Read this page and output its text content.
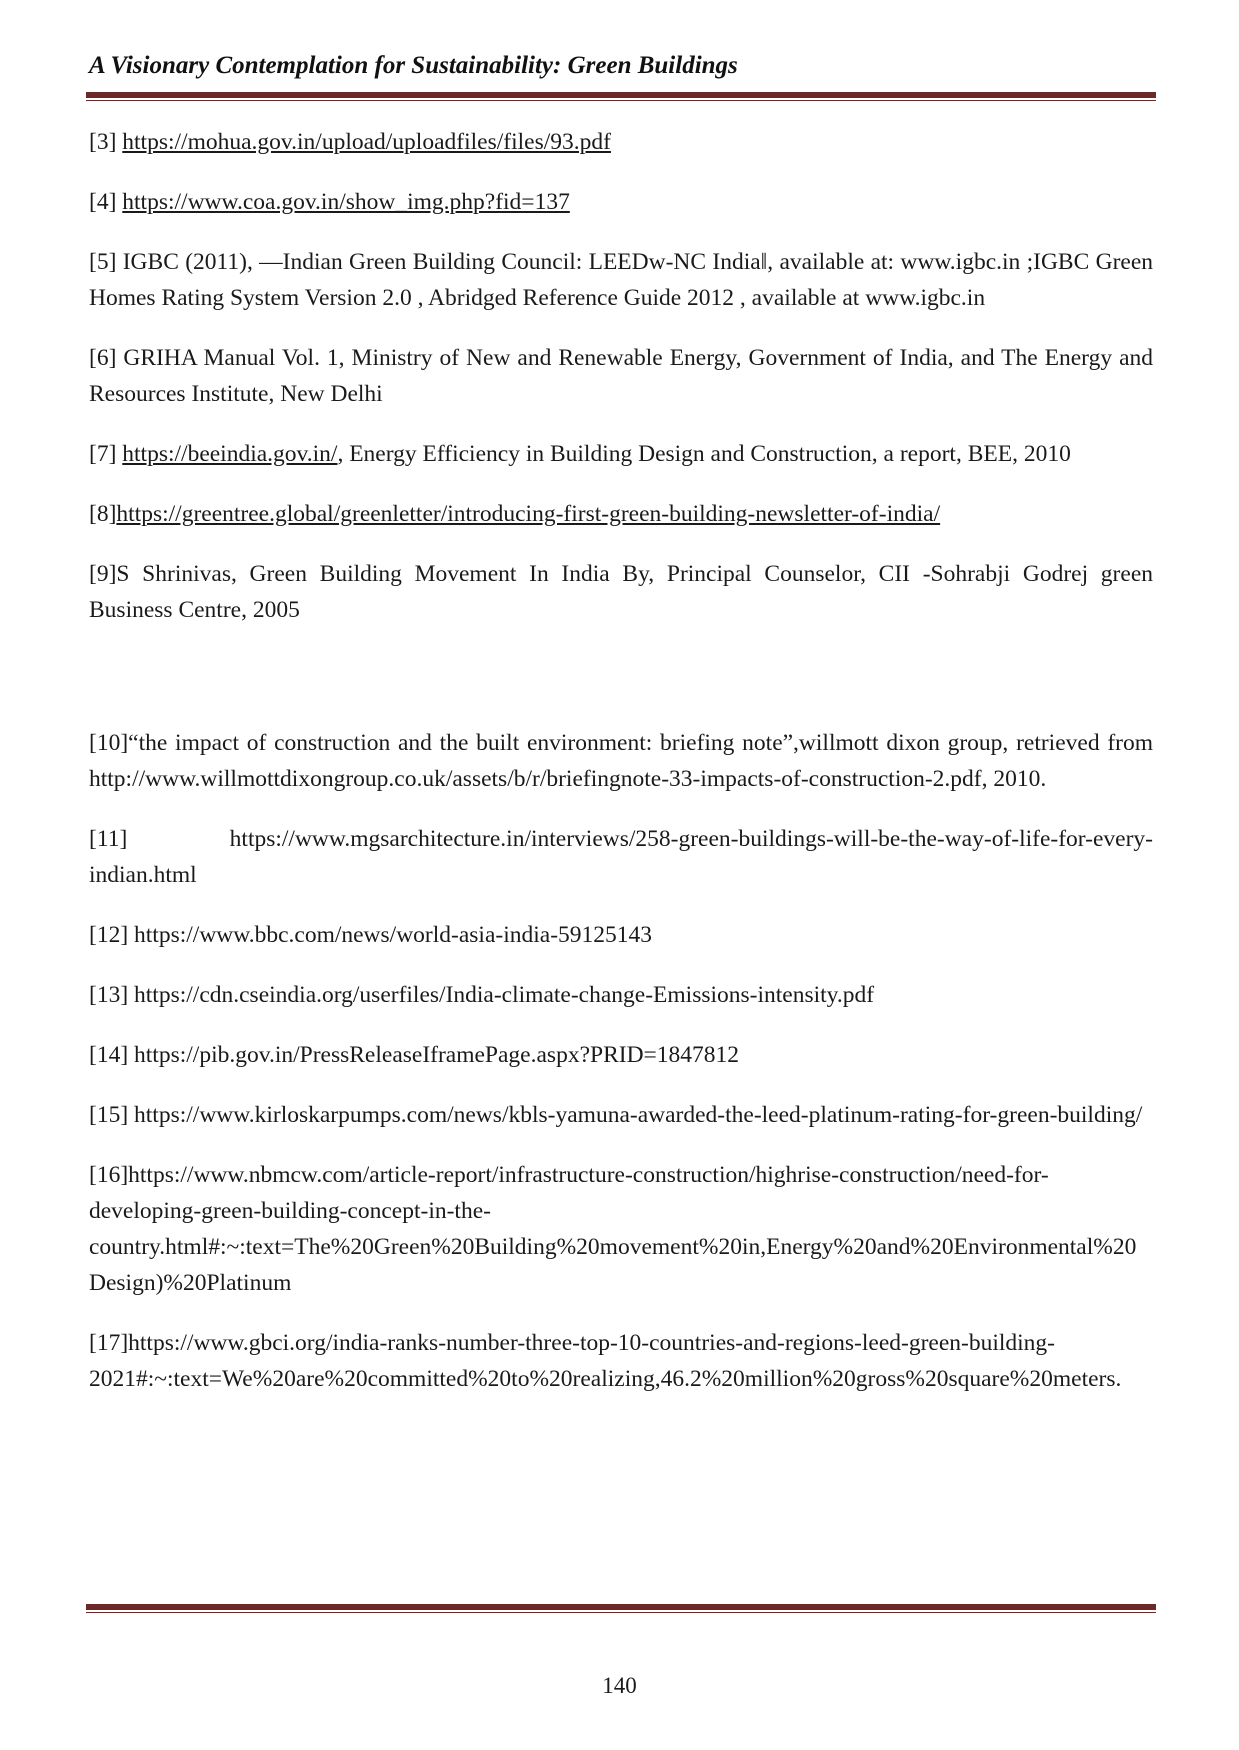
A Visionary Contemplation for Sustainability: Green Buildings

[3] https://mohua.gov.in/upload/uploadfiles/files/93.pdf

[4] https://www.coa.gov.in/show_img.php?fid=137

[5] IGBC (2011), —Indian Green Building Council: LEEDw-NC India‖, available at: www.igbc.in ;IGBC Green Homes Rating System Version 2.0 , Abridged Reference Guide 2012 , available at www.igbc.in

[6] GRIHA Manual Vol. 1, Ministry of New and Renewable Energy, Government of India, and The Energy and Resources Institute, New Delhi

[7] https://beeindia.gov.in/, Energy Efficiency in Building Design and Construction, a report, BEE, 2010

[8]https://greentree.global/greenletter/introducing-first-green-building-newsletter-of-india/

[9]S Shrinivas, Green Building Movement In India By, Principal Counselor, CII -Sohrabji Godrej green Business Centre, 2005

[10]“the impact of construction and the built environment: briefing note”,willmott dixon group, retrieved from http://www.willmottdixongroup.co.uk/assets/b/r/briefingnote-33-impacts-of-construction-2.pdf, 2010.

[11]	https://www.mgsarchitecture.in/interviews/258-green-buildings-will-be-the-way-of-life-for-every-indian.html

[12] https://www.bbc.com/news/world-asia-india-59125143

[13] https://cdn.cseindia.org/userfiles/India-climate-change-Emissions-intensity.pdf

[14] https://pib.gov.in/PressReleaseIframePage.aspx?PRID=1847812

[15] https://www.kirloskarpumps.com/news/kbls-yamuna-awarded-the-leed-platinum-rating-for-green-building/

[16]https://www.nbmcw.com/article-report/infrastructure-construction/highrise-construction/need-for-developing-green-building-concept-in-the-country.html#:~:text=The%20Green%20Building%20movement%20in,Energy%20and%20Environmental%20Design)%20Platinum

[17]https://www.gbci.org/india-ranks-number-three-top-10-countries-and-regions-leed-green-building-2021#:~:text=We%20are%20committed%20to%20realizing,46.2%20million%20gross%20square%20meters.

140
